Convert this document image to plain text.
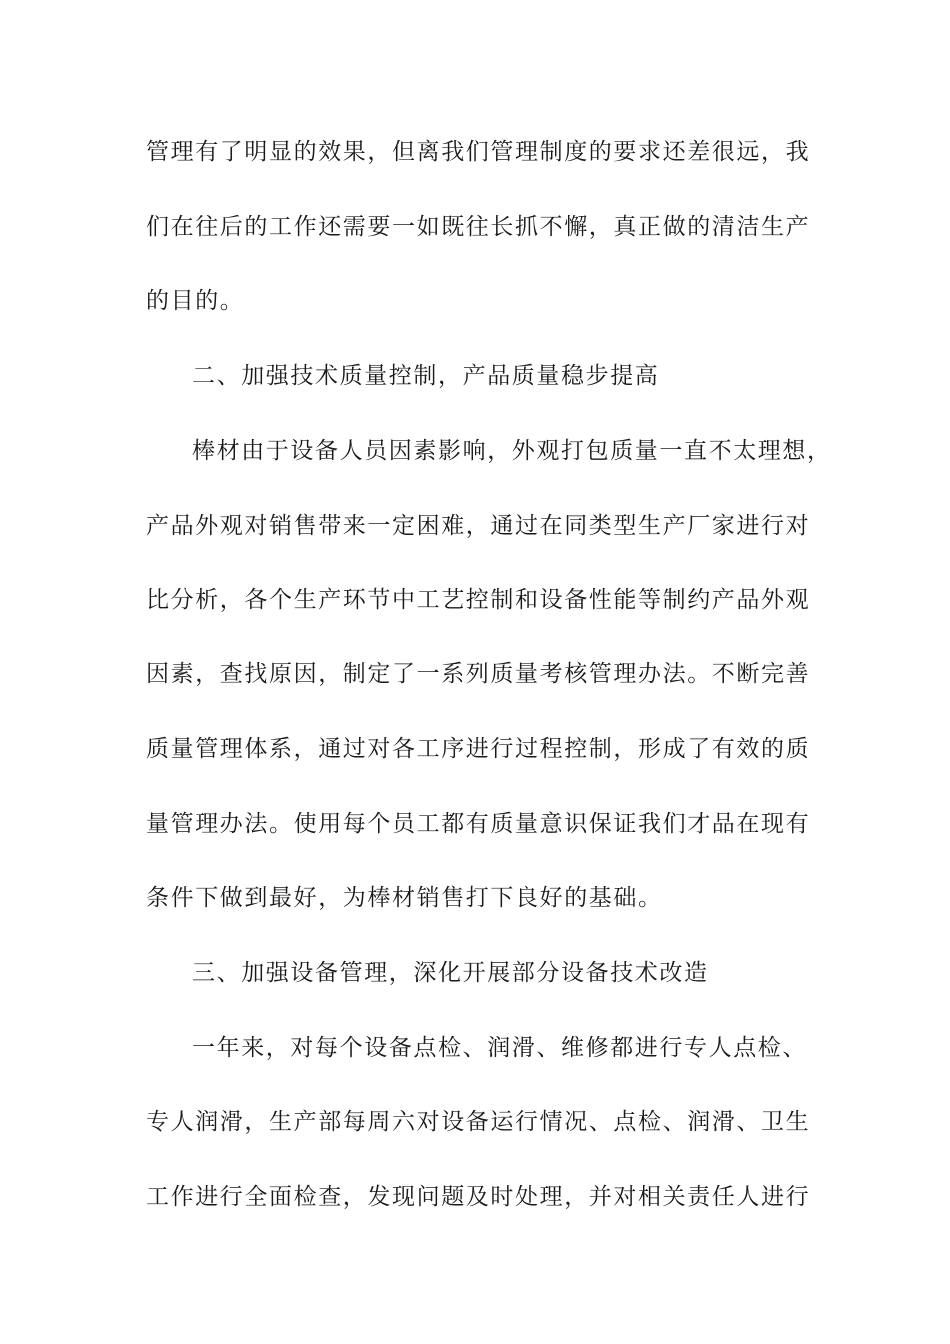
管理有了明显的效果，但离我们管理制度的要求还差很远，我
们在往后的工作还需要一如既往长抓不懈，真正做的清洁生产
的目的。
二、加强技术质量控制，产品质量稳步提高
棒材由于设备人员因素影响，外观打包质量一直不太理想，
产品外观对销售带来一定困难，通过在同类型生产厂家进行对
比分析，各个生产环节中工艺控制和设备性能等制约产品外观
因素，查找原因，制定了一系列质量考核管理办法。不断完善
质量管理体系，通过对各工序进行过程控制，形成了有效的质
量管理办法。使用每个员工都有质量意识保证我们才品在现有
条件下做到最好，为棒材销售打下良好的基础。
三、加强设备管理，深化开展部分设备技术改造
一年来，对每个设备点检、润滑、维修都进行专人点检、
专人润滑，生产部每周六对设备运行情况、点检、润滑、卫生
工作进行全面检查，发现问题及时处理，并对相关责任人进行
